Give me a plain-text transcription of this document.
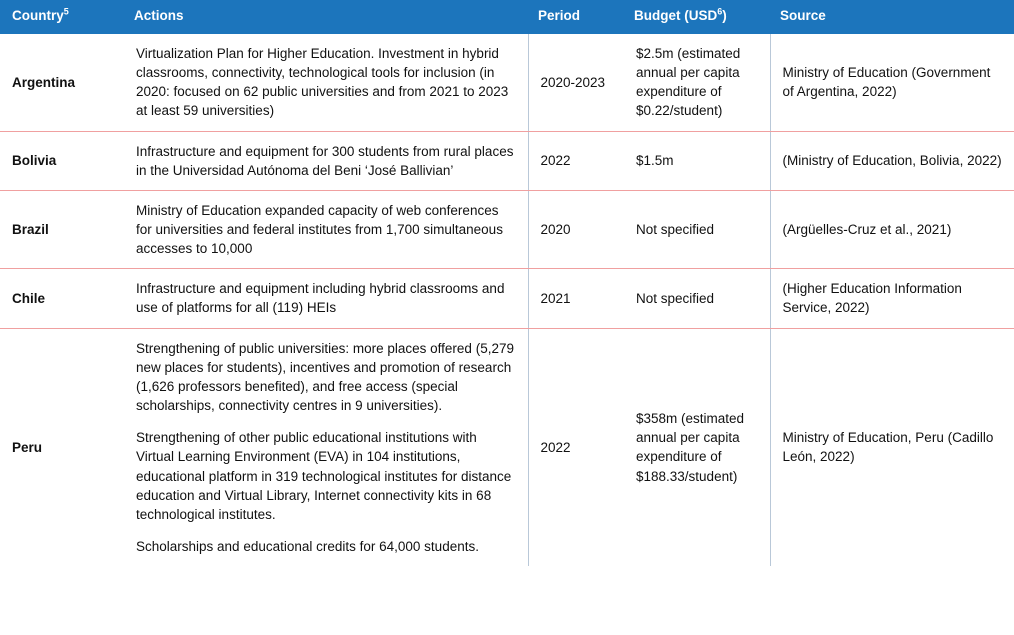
Country$^5$	Actions	Period	Budget (USD$^6$)	Source
Argentina	Virtualization Plan for Higher Education. Investment in hybrid classrooms, connectivity, technological tools for inclusion (in 2020: focused on 62 public universities and from 2021 to 2023 at least 59 universities)	2020-2023	$2.5m (estimated annual per capita expenditure of $0.22/student)	Ministry of Education (Government of Argentina, 2022)
Bolivia	Infrastructure and equipment for 300 students from rural places in the Universidad Autónoma del Beni ‘José Ballivian’	2022	$1.5m	(Ministry of Education, Bolivia, 2022)
Brazil	Ministry of Education expanded capacity of web conferences for universities and federal institutes from 1,700 simultaneous accesses to 10,000	2020	Not specified	(Argüelles-Cruz et al., 2021)
Chile	Infrastructure and equipment including hybrid classrooms and use of platforms for all (119) HEIs	2021	Not specified	(Higher Education Information Service, 2022)
Peru	Strengthening of public universities: more places offered (5,279 new places for students), incentives and promotion of research (1,626 professors benefited), and free access (special scholarships, connectivity centres in 9 universities).

Strengthening of other public educational institutions with Virtual Learning Environment (EVA) in 104 institutions, educational platform in 319 technological institutes for distance education and Virtual Library, Internet connectivity kits in 68 technological institutes.

Scholarships and educational credits for 64,000 students.	2022	$358m (estimated annual per capita expenditure of $188.33/student)	Ministry of Education, Peru (Cadillo León, 2022)
